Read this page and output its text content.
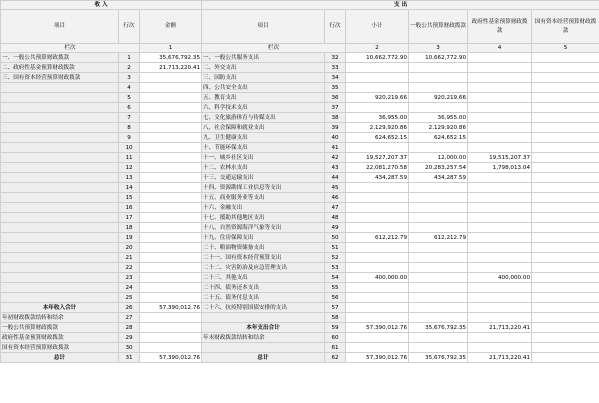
收 入			支 出					
项目	行次	金额	项目	行次	小计	一般公共预算财政拨款	政府性基金预算财政拨款	国有资本经营预算财政拨款
栏次		1	栏次		2	3	4	5
一、一般公共预算财政拨款	1	35,676,792.35	一、一般公共服务支出	32	10,662,772.90	10,662,772.90		
二、政府性基金预算财政拨款	2	21,713,220.41	二、外交支出	33				
三、国有资本经营预算财政拨款	3		三、国防支出	34				
	4		四、公共安全支出	35				
	5		五、教育支出	36	920,219.66	920,219.66		
	6		六、科学技术支出	37				
	7		七、文化旅游体育与传媒支出	38	36,955.00	36,955.00		
	8		八、社会保障和就业支出	39	2,129,920.86	2,129,920.86		
	9		九、卫生健康支出	40	624,652.15	624,652.15		
	10		十、节能环保支出	41				
	11		十一、城乡社区支出	42	19,527,207.37	12,000.00	19,515,207.37	
	12		十二、农林水支出	43	22,081,270.58	20,283,257.54	1,798,013.04	
	13		十三、交通运输支出	44	434,287.59	434,287.59		
	14		十四、资源勘探工业信息等支出	45				
	15		十五、商业服务业等支出	46				
	16		十六、金融支出	47				
	17		十七、援助其他地区支出	48				
	18		十八、自然资源海洋气象等支出	49				
	19		十九、住房保障支出	50	612,212.79	612,212.79		
	20		二十、粮油物资储备支出	51				
	21		二十一、国有资本经营预算支出	52				
	22		二十二、灾害防治及应急管理支出	53				
	23		二十三、其他支出	54	400,000.00		400,000.00	
	24		二十四、债务还本支出	55				
	25		二十五、债务付息支出	56				
本年收入合计	26	57,390,012.76	二十六、抗疫特别国债安排的支出	57				
年初财政拨款结转和结余	27			58				
一般公共预算财政拨款	28		本年支出合计	59	57,390,012.76	35,676,792.35	21,713,220.41	
政府性基金预算财政拨款	29		年末财政拨款结转和结余	60				
国有资本经营预算财政拨款	30			61				
总计	31	57,390,012.76	总计	62	57,390,012.76	35,676,792.35	21,713,220.41	
